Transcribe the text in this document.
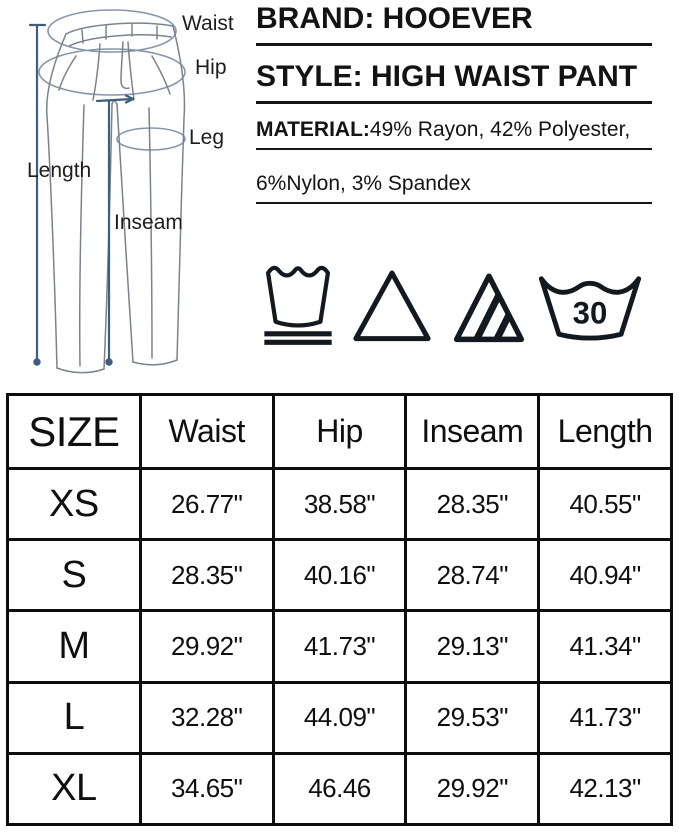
Waist
Hip
Leg
Length
Inseam
BRAND: HOOEVER
STYLE: HIGH WAIST PANT
MATERIAL:49% Rayon, 42% Polyester,
6%Nylon, 3% Spandex
30
SIZE	Waist	Hip	Inseam	Length
XS	26.77"	38.58"	28.35"	40.55"
S	28.35"	40.16"	28.74"	40.94"
M	29.92"	41.73"	29.13"	41.34"
L	32.28"	44.09"	29.53"	41.73"
XL	34.65"	46.46	29.92"	42.13"
